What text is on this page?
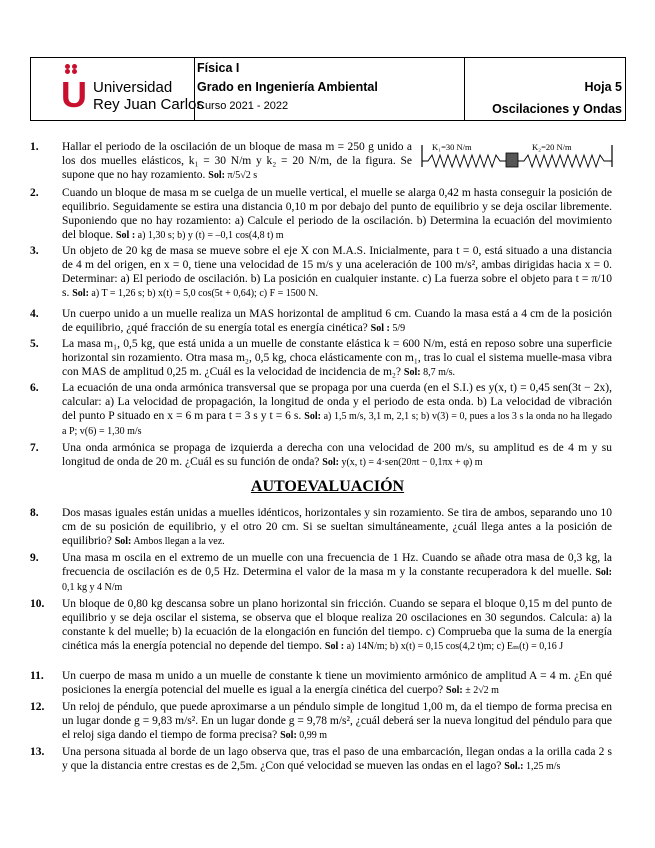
U Universidad
Rey Juan Carlos
Física I
Grado en Ingeniería Ambiental
Curso 2021 - 2022
Hoja 5
Oscilaciones y Ondas
K₁=30 N/m	K₂=20 N/m
1. Hallar el periodo de la oscilación de un bloque de masa m = 250 g unido a los dos muelles elásticos, k₁ = 30 N/m y k₂ = 20 N/m, de la figura. Se supone que no hay rozamiento. Sol: π/5√2 s
2. Cuando un bloque de masa m se cuelga de un muelle vertical, el muelle se alarga 0,42 m hasta conseguir la posición de equilibrio. Seguidamente se estira una distancia 0,10 m por debajo del punto de equilibrio y se deja oscilar libremente. Suponiendo que no hay rozamiento: a) Calcule el periodo de la oscilación. b) Determina la ecuación del movimiento del bloque. Sol : a) 1,30 s; b) y (t) = –0,1 cos(4,8 t) m
3. Un objeto de 20 kg de masa se mueve sobre el eje X con M.A.S. Inicialmente, para t = 0, está situado a una distancia de 4 m del origen, en x = 0, tiene una velocidad de 15 m/s y una aceleración de 100 m/s², ambas dirigidas hacia x = 0. Determinar: a) El periodo de oscilación. b) La posición en cualquier instante. c) La fuerza sobre el objeto para t = π/10 s. Sol: a) T = 1,26 s; b) x(t) = 5,0 cos(5t + 0,64); c) F = 1500 N.
4. Un cuerpo unido a un muelle realiza un MAS horizontal de amplitud 6 cm. Cuando la masa está a 4 cm de la posición de equilibrio, ¿qué fracción de su energía total es energía cinética? Sol : 5/9
5. La masa m₁, 0,5 kg, que está unida a un muelle de constante elástica k = 600 N/m, está en reposo sobre una superficie horizontal sin rozamiento. Otra masa m₂, 0,5 kg, choca elásticamente con m₁, tras lo cual el sistema muelle-masa vibra con MAS de amplitud 0,25 m. ¿Cuál es la velocidad de incidencia de m₂? Sol: 8,7 m/s.
6. La ecuación de una onda armónica transversal que se propaga por una cuerda (en el S.I.) es y(x, t) = 0,45 sen(3t − 2x), calcular: a) La velocidad de propagación, la longitud de onda y el periodo de esta onda. b) La velocidad de vibración del punto P situado en x = 6 m para t = 3 s y t = 6 s. Sol: a) 1,5 m/s, 3,1 m, 2,1 s; b) v(3) = 0, pues a los 3 s la onda no ha llegado a P; v(6) = 1,30 m/s
7. Una onda armónica se propaga de izquierda a derecha con una velocidad de 200 m/s, su amplitud es de 4 m y su longitud de onda de 20 m. ¿Cuál es su función de onda? Sol: y(x, t) = 4·sen(20πt − 0,1πx + φ) m
AUTOEVALUACIÓN
8. Dos masas iguales están unidas a muelles idénticos, horizontales y sin rozamiento. Se tira de ambos, separando uno 10 cm de su posición de equilibrio, y el otro 20 cm. Si se sueltan simultáneamente, ¿cuál llega antes a la posición de equilibrio? Sol: Ambos llegan a la vez.
9. Una masa m oscila en el extremo de un muelle con una frecuencia de 1 Hz. Cuando se añade otra masa de 0,3 kg, la frecuencia de oscilación es de 0,5 Hz. Determina el valor de la masa m y la constante recuperadora k del muelle. Sol: 0,1 kg y 4 N/m
10. Un bloque de 0,80 kg descansa sobre un plano horizontal sin fricción. Cuando se separa el bloque 0,15 m del punto de equilibrio y se deja oscilar el sistema, se observa que el bloque realiza 20 oscilaciones en 30 segundos. Calcula: a) la constante k del muelle; b) la ecuación de la elongación en función del tiempo. c) Comprueba que la suma de la energía cinética más la energía potencial no depende del tiempo. Sol : a) 14N/m; b) x(t) = 0,15 cos(4,2 t)m; c) Eₘ(t) = 0,16 J
11. Un cuerpo de masa m unido a un muelle de constante k tiene un movimiento armónico de amplitud A = 4 m. ¿En qué posiciones la energía potencial del muelle es igual a la energía cinética del cuerpo? Sol: ± 2√2 m
12. Un reloj de péndulo, que puede aproximarse a un péndulo simple de longitud 1,00 m, da el tiempo de forma precisa en un lugar donde g = 9,83 m/s². En un lugar donde g = 9,78 m/s², ¿cuál deberá ser la nueva longitud del péndulo para que el reloj siga dando el tiempo de forma precisa? Sol: 0,99 m
13. Una persona situada al borde de un lago observa que, tras el paso de una embarcación, llegan ondas a la orilla cada 2 s y que la distancia entre crestas es de 2,5m. ¿Con qué velocidad se mueven las ondas en el lago? Sol.: 1,25 m/s
